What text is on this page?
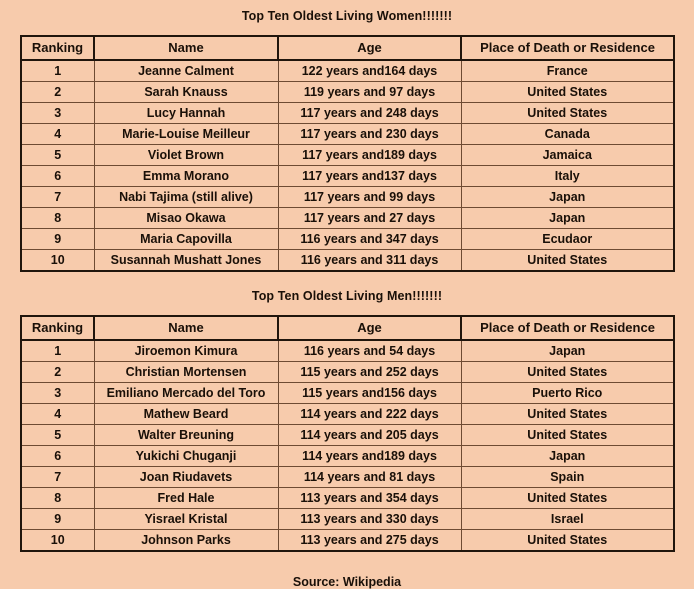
Top Ten Oldest Living Women!!!!!!!
Ranking	Name	Age	Place of Death or Residence
1	Jeanne Calment	122 years and164 days	France
2	Sarah Knauss	119 years and 97 days	United States
3	Lucy Hannah	117 years and 248 days	United States
4	Marie-Louise Meilleur	117 years and 230 days	Canada
5	Violet Brown	117 years and189 days	Jamaica
6	Emma Morano	117 years and137 days	Italy
7	Nabi Tajima (still alive)	117 years and 99 days	Japan
8	Misao Okawa	117 years and 27 days	Japan
9	Maria Capovilla	116 years and 347 days	Ecudaor
10	Susannah Mushatt Jones	116 years and 311 days	United States
Top Ten Oldest Living Men!!!!!!!
Ranking	Name	Age	Place of Death or Residence
1	Jiroemon Kimura	116 years and 54 days	Japan
2	Christian Mortensen	115 years and 252 days	United States
3	Emiliano Mercado del Toro	115 years and156 days	Puerto Rico
4	Mathew Beard	114 years and 222 days	United States
5	Walter Breuning	114 years and 205 days	United States
6	Yukichi Chuganji	114 years and189 days	Japan
7	Joan Riudavets	114 years and 81 days	Spain
8	Fred Hale	113 years and 354 days	United States
9	Yisrael Kristal	113 years and 330 days	Israel
10	Johnson Parks	113 years and 275 days	United States
Source: Wikipedia
